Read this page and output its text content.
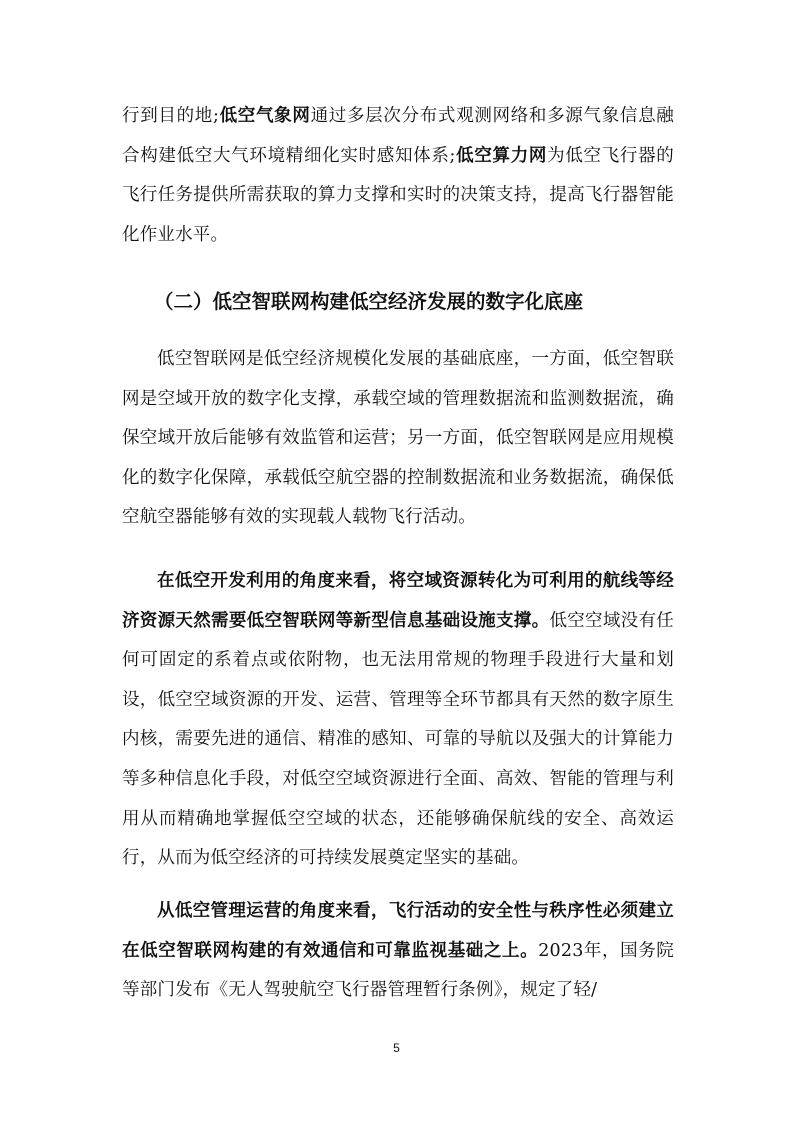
行到目的地;低空气象网通过多层次分布式观测网络和多源气象信息融合构建低空大气环境精细化实时感知体系;低空算力网为低空飞行器的飞行任务提供所需获取的算力支撑和实时的决策支持，提高飞行器智能化作业水平。

（二）低空智联网构建低空经济发展的数字化底座

低空智联网是低空经济规模化发展的基础底座，一方面，低空智联网是空域开放的数字化支撑，承载空域的管理数据流和监测数据流，确保空域开放后能够有效监管和运营；另一方面，低空智联网是应用规模化的数字化保障，承载低空航空器的控制数据流和业务数据流，确保低空航空器能够有效的实现载人载物飞行活动。

在低空开发利用的角度来看，将空域资源转化为可利用的航线等经济资源天然需要低空智联网等新型信息基础设施支撑。低空空域没有任何可固定的系着点或依附物，也无法用常规的物理手段进行大量和划设，低空空域资源的开发、运营、管理等全环节都具有天然的数字原生内核，需要先进的通信、精准的感知、可靠的导航以及强大的计算能力等多种信息化手段，对低空空域资源进行全面、高效、智能的管理与利用从而精确地掌握低空空域的状态，还能够确保航线的安全、高效运行，从而为低空经济的可持续发展奠定坚实的基础。

从低空管理运营的角度来看，飞行活动的安全性与秩序性必须建立在低空智联网构建的有效通信和可靠监视基础之上。2023年，国务院等部门发布《无人驾驶航空飞行器管理暂行条例》，规定了轻/

5
